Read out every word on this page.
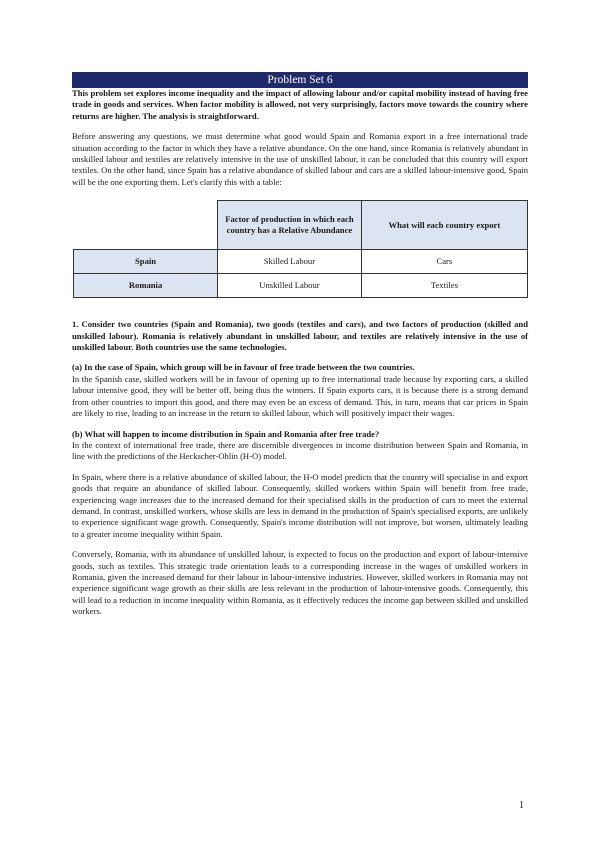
Problem Set 6

This problem set explores income inequality and the impact of allowing labour and/or capital mobility instead of having free trade in goods and services. When factor mobility is allowed, not very surprisingly, factors move towards the country where returns are higher. The analysis is straightforward.

Before answering any questions, we must determine what good would Spain and Romania export in a free international trade situation according to the factor in which they have a relative abundance. On the one hand, since Romania is relatively abundant in unskilled labour and textiles are relatively intensive in the use of unskilled labour, it can be concluded that this country will export textiles. On the other hand, since Spain has a relative abundance of skilled labour and cars are a skilled labour-intensive good, Spain will be the one exporting them. Let's clarify this with a table:

	Factor of production in which each country has a Relative Abundance	What will each country export
Spain	Skilled Labour	Cars
Romania	Unskilled Labour	Textiles

1. Consider two countries (Spain and Romania), two goods (textiles and cars), and two factors of production (skilled and unskilled labour). Romania is relatively abundant in unskilled labour, and textiles are relatively intensive in the use of unskilled labour. Both countries use the same technologies.

(a) In the case of Spain, which group will be in favour of free trade between the two countries.

In the Spanish case, skilled workers will be in favour of opening up to free international trade because by exporting cars, a skilled labour intensive good, they will be better off, being thus the winners. If Spain exports cars, it is because there is a strong demand from other countries to import this good, and there may even be an excess of demand. This, in turn, means that car prices in Spain are likely to rise, leading to an increase in the return to skilled labour, which will positively impact their wages.

(b) What will happen to income distribution in Spain and Romania after free trade?

In the context of international free trade, there are discernible divergences in income distribution between Spain and Romania, in line with the predictions of the Heckscher-Ohlin (H-O) model.

In Spain, where there is a relative abundance of skilled labour, the H-O model predicts that the country will specialise in and export goods that require an abundance of skilled labour. Consequently, skilled workers within Spain will benefit from free trade, experiencing wage increases due to the increased demand for their specialised skills in the production of cars to meet the external demand. In contrast, unskilled workers, whose skills are less in demand in the production of Spain's specialised exports, are unlikely to experience significant wage growth. Consequently, Spain's income distribution will not improve, but worsen, ultimately leading to a greater income inequality within Spain.

Conversely, Romania, with its abundance of unskilled labour, is expected to focus on the production and export of labour-intensive goods, such as textiles. This strategic trade orientation leads to a corresponding increase in the wages of unskilled workers in Romania, given the increased demand for their labour in labour-intensive industries. However, skilled workers in Romania may not experience significant wage growth as their skills are less relevant in the production of labour-intensive goods. Consequently, this will lead to a reduction in income inequality within Romania, as it effectively reduces the income gap between skilled and unskilled workers.

1
